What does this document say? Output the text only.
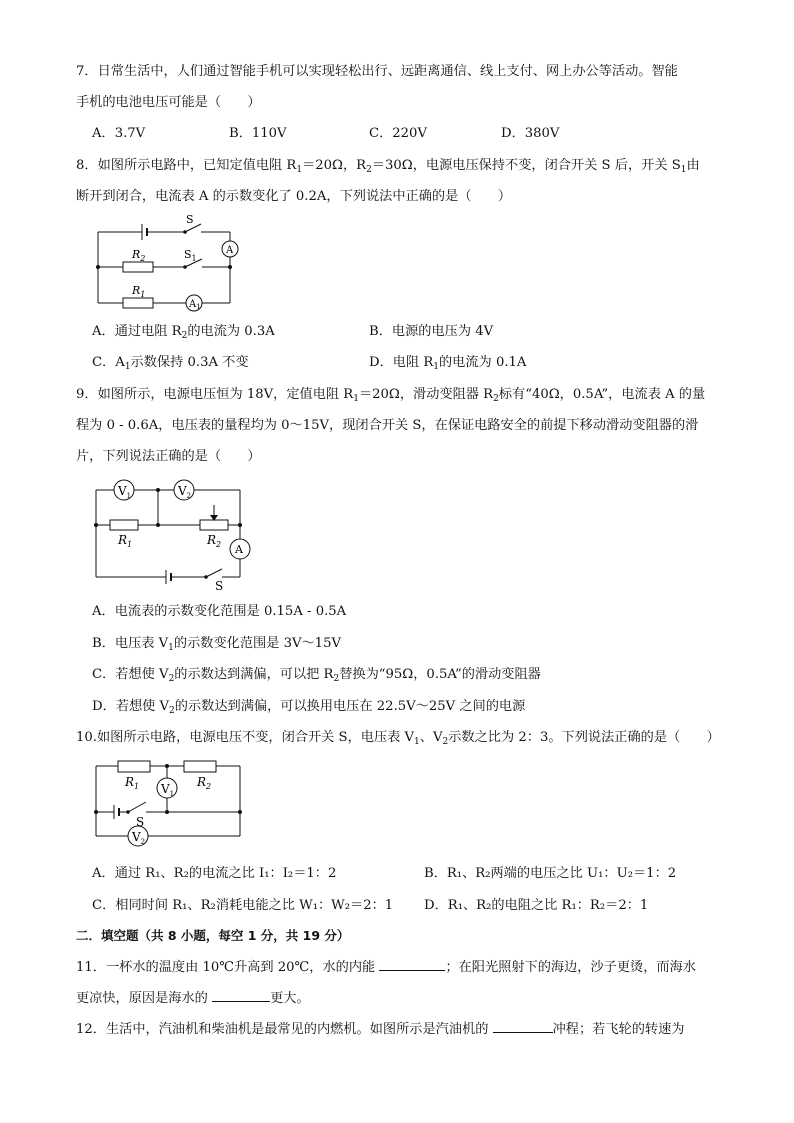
7．日常生活中，人们通过智能手机可以实现轻松出行、远距离通信、线上支付、网上办公等活动。智能
手机的电池电压可能是（　　）
A．3.7V	B．110V	C．220V	D．380V
8．如图所示电路中，已知定值电阻 $R_1=20\Omega$，$R_2=30\Omega$，电源电压保持不变，闭合开关 S 后，开关 $S_1$由
断开到闭合，电流表 A 的示数变化了 0.2A，下列说法中正确的是（　　）
S
$S_1$
$R_2$
$R_1$
A
$A_1$
A．通过电阻 $R_2$的电流为 0.3A	B．电源的电压为 4V
C．$A_1$示数保持 0.3A 不变	D．电阻 $R_1$的电流为 0.1A
9．如图所示，电源电压恒为 18V，定值电阻 $R_1=20\Omega$，滑动变阻器 $R_2$标有“40Ω，0.5A”，电流表 A 的量
程为 0 - 0.6A，电压表的量程均为 0～15V，现闭合开关 S，在保证电路安全的前提下移动滑动变阻器的滑
片，下列说法正确的是（　　）
$V_1$	$V_2$
$R_1$	$R_2$ A
S
A．电流表的示数变化范围是 0.15A - 0.5A
B．电压表 $V_1$的示数变化范围是 3V～15V
C．若想使 $V_2$的示数达到满偏，可以把 $R_2$替换为“95Ω，0.5A”的滑动变阻器
D．若想使 $V_2$的示数达到满偏，可以换用电压在 22.5V～25V 之间的电源
10.如图所示电路，电源电压不变，闭合开关 S，电压表 $V_1$、$V_2$示数之比为 2：3。下列说法正确的是（　　）
$R_1$	$R_2$
$V_1$
$V_2$
S
A．通过 R₁、R₂的电流之比 I₁：I₂＝1：2	B．R₁、R₂两端的电压之比 U₁：U₂＝1：2
C．相同时间 R₁、R₂消耗电能之比 W₁：W₂＝2：1 D．R₁、R₂的电阻之比 R₁：R₂＝2：1
二．填空题（共 8 小题，每空 1 分，共 19 分）
11．一杯水的温度由 10℃升高到 20℃，水的内能	；在阳光照射下的海边，沙子更烫，而海水
更凉快，原因是海水的	更大。
12．生活中，汽油机和柴油机是最常见的内燃机。如图所示是汽油机的	冲程；若飞轮的转速为
